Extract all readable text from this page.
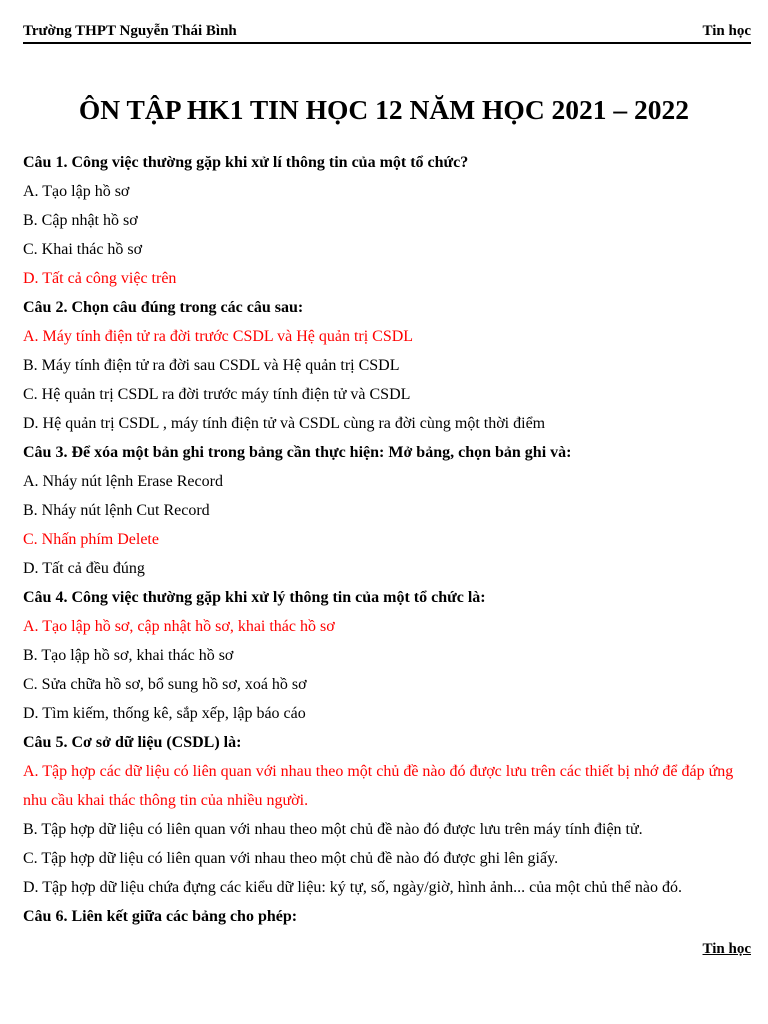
Trường THPT Nguyễn Thái Bình	Tin học
ÔN TẬP HK1 TIN HỌC 12 NĂM HỌC 2021 – 2022

Câu 1. Công việc thường gặp khi xử lí thông tin của một tổ chức?

A. Tạo lập hồ sơ

B. Cập nhật hồ sơ

C. Khai thác hồ sơ

D. Tất cả công việc trên

Câu 2. Chọn câu đúng trong các câu sau:

A. Máy tính điện tử ra đời trước CSDL và Hệ quản trị CSDL

B. Máy tính điện tử ra đời sau CSDL và Hệ quản trị CSDL

C. Hệ quản trị CSDL ra đời trước máy tính điện tử và CSDL

D. Hệ quản trị CSDL , máy tính điện tử và CSDL cùng ra đời cùng một thời điểm

Câu 3. Để xóa một bản ghi trong bảng cần thực hiện: Mở bảng, chọn bản ghi và:

A. Nháy nút lệnh Erase Record

B. Nháy nút lệnh Cut Record

C. Nhấn phím Delete

D. Tất cả đều đúng

Câu 4. Công việc thường gặp khi xử lý thông tin của một tổ chức là:

A. Tạo lập hồ sơ, cập nhật hồ sơ, khai thác hồ sơ

B. Tạo lập hồ sơ, khai thác hồ sơ

C. Sửa chữa hồ sơ, bổ sung hồ sơ, xoá hồ sơ

D. Tìm kiếm, thống kê, sắp xếp, lập báo cáo

Câu 5. Cơ sở dữ liệu (CSDL) là:

A. Tập hợp các dữ liệu có liên quan với nhau theo một chủ đề nào đó được lưu trên các thiết bị nhớ để đáp ứng nhu cầu khai thác thông tin của nhiều người.

B. Tập hợp dữ liệu có liên quan với nhau theo một chủ đề nào đó được lưu trên máy tính điện tử.

C. Tập hợp dữ liệu có liên quan với nhau theo một chủ đề nào đó được ghi lên giấy.

D. Tập hợp dữ liệu chứa đựng các kiểu dữ liệu: ký tự, số, ngày/giờ, hình ảnh... của một chủ thể nào đó.

Câu 6. Liên kết giữa các bảng cho phép:

Tin học
